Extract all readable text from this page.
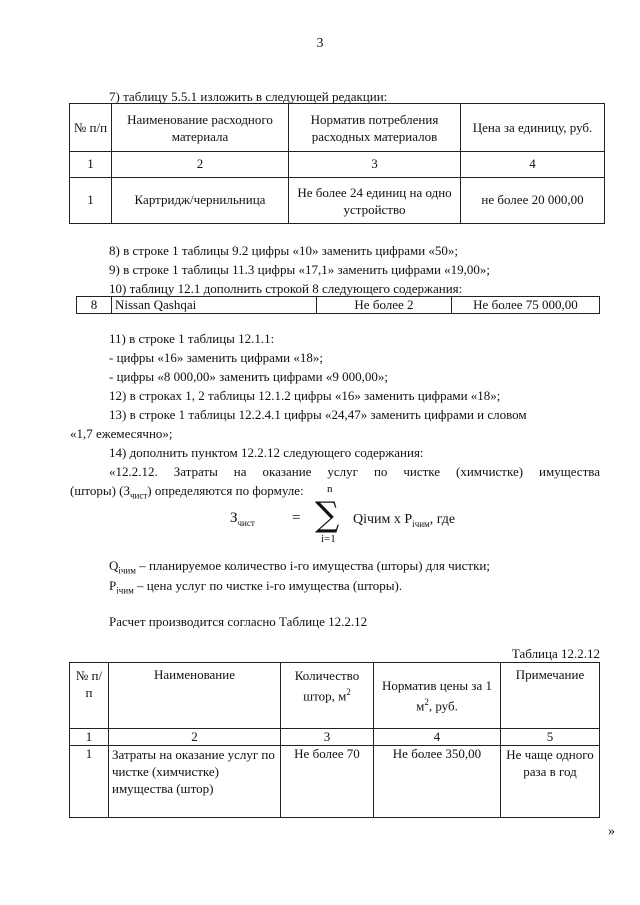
3
7) таблицу 5.5.1 изложить в следующей редакции:
№ п/п	Наименование расходного материала	Норматив потребления расходных материалов	Цена за единицу, руб.
1	2	3	4
1	Картридж/чернильница	Не более 24 единиц на одно устройство	не более 20 000,00
8) в строке 1 таблицы 9.2 цифры «10» заменить цифрами «50»;
9) в строке 1 таблицы 11.3 цифры «17,1» заменить цифрами «19,00»;
10) таблицу 12.1 дополнить строкой 8 следующего содержания:
8	Nissan Qashqai	Не более 2	Не более 75 000,00
11) в строке 1 таблицы 12.1.1:
- цифры «16» заменить цифрами «18»;
- цифры «8 000,00» заменить цифрами «9 000,00»;
12) в строках 1, 2 таблицы 12.1.2 цифры «16» заменить цифрами «18»;
13) в строке 1 таблицы 12.2.4.1 цифры «24,47» заменить цифрами и словом
«1,7 ежемесячно»;
14) дополнить пунктом 12.2.12 следующего содержания:
«12.2.12. Затраты на оказание услуг по чистке (химчистке) имущества
(шторы) $(З_{чист})$ определяются по формуле:
$З_{чист}$ =
n
∑
i=1
Qiчим x $P_{iчим}$, где
$Q_{iчим}$ – планируемое количество i-го имущества (шторы) для чистки;
$P_{iчим}$ – цена услуг по чистке i-го имущества (шторы).
Расчет производится согласно Таблице 12.2.12
Таблица 12.2.12
№ п/п	Наименование	Количество штор, $м^2$	Норматив цены за 1 $м^2$, руб.	Примечание
1	2	3	4	5
1	Затраты на оказание услуг по чистке (химчистке) имущества (штор)	Не более 70	Не более 350,00	Не чаще одного раза в год
»
